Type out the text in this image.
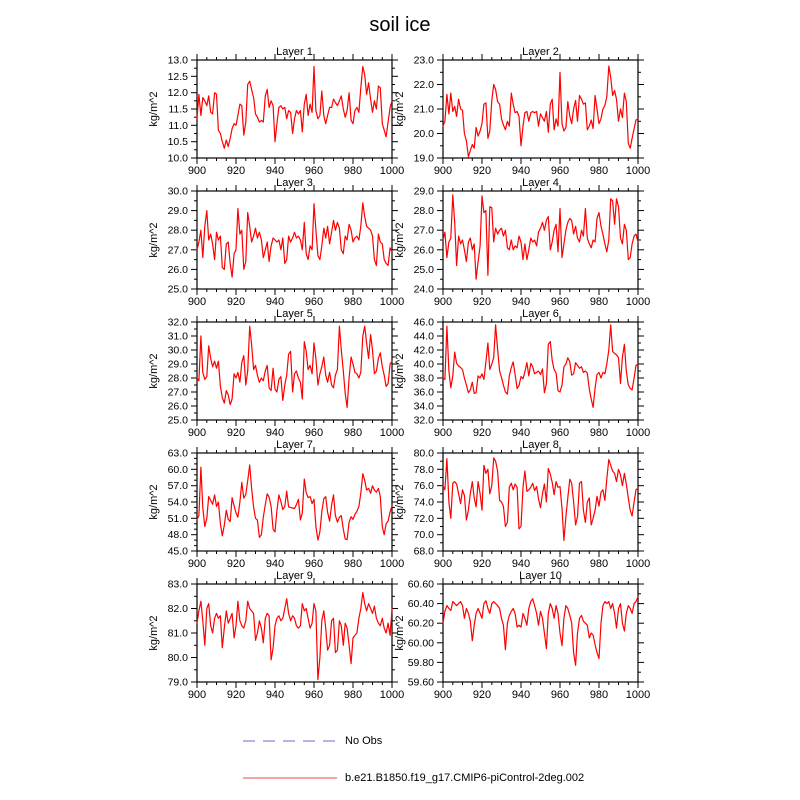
soil ice
Layer 1
kg/m^2
10.0
10.5
11.0
11.5
12.0
12.5
13.0
900 920 940 960 980 1000
Layer 2
kg/m^2
19.0
20.0
21.0
22.0
23.0
900 920 940 960 980 1000
Layer 3
kg/m^2
25.0
26.0
27.0
28.0
29.0
30.0
900 920 940 960 980 1000
Layer 4
kg/m^2
24.0
25.0
26.0
27.0
28.0
29.0
900 920 940 960 980 1000
Layer 5
kg/m^2
25.0
26.0
27.0
28.0
29.0
30.0
31.0
32.0
900 920 940 960 980 1000
Layer 6
kg/m^2
32.0
34.0
36.0
38.0
40.0
42.0
44.0
46.0
900 920 940 960 980 1000
Layer 7
kg/m^2
45.0
48.0
51.0
54.0
57.0
60.0
63.0
900 920 940 960 980 1000
Layer 8
kg/m^2
68.0
70.0
72.0
74.0
76.0
78.0
80.0
900 920 940 960 980 1000
Layer 9
kg/m^2
79.0
80.0
81.0
82.0
83.0
900 920 940 960 980 1000
Layer 10
kg/m^2
59.60
59.80
60.00
60.20
60.40
60.60
900 920 940 960 980 1000
No Obs
b.e21.B1850.f19_g17.CMIP6-piControl-2deg.002
